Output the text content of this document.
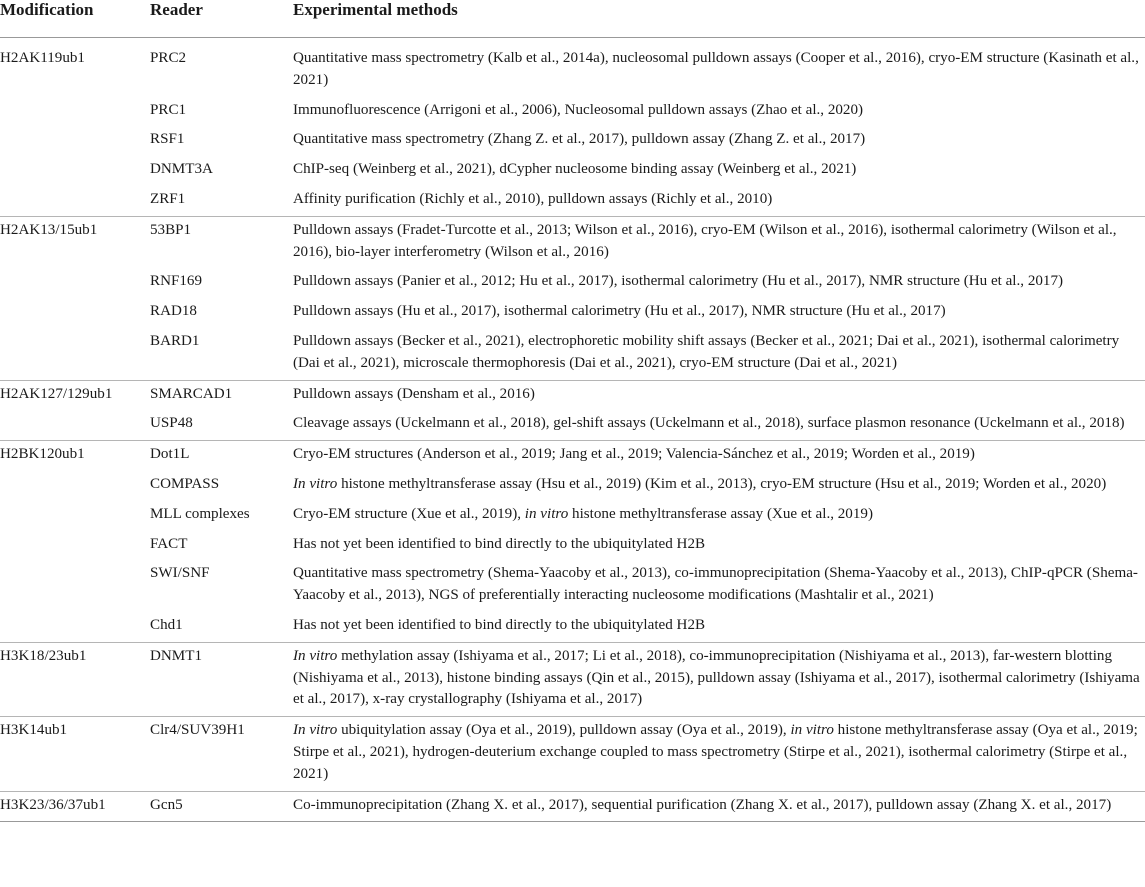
Modification	Reader	Experimental methods
H2AK119ub1	PRC2	Quantitative mass spectrometry (Kalb et al., 2014a), nucleosomal pulldown assays (Cooper et al., 2016), cryo-EM structure (Kasinath et al., 2021)
	PRC1	Immunofluorescence (Arrigoni et al., 2006), Nucleosomal pulldown assays (Zhao et al., 2020)
	RSF1	Quantitative mass spectrometry (Zhang Z. et al., 2017), pulldown assay (Zhang Z. et al., 2017)
	DNMT3A	ChIP-seq (Weinberg et al., 2021), dCypher nucleosome binding assay (Weinberg et al., 2021)
	ZRF1	Affinity purification (Richly et al., 2010), pulldown assays (Richly et al., 2010)
H2AK13/15ub1	53BP1	Pulldown assays (Fradet-Turcotte et al., 2013; Wilson et al., 2016), cryo-EM (Wilson et al., 2016), isothermal calorimetry (Wilson et al., 2016), bio-layer interferometry (Wilson et al., 2016)
	RNF169	Pulldown assays (Panier et al., 2012; Hu et al., 2017), isothermal calorimetry (Hu et al., 2017), NMR structure (Hu et al., 2017)
	RAD18	Pulldown assays (Hu et al., 2017), isothermal calorimetry (Hu et al., 2017), NMR structure (Hu et al., 2017)
	BARD1	Pulldown assays (Becker et al., 2021), electrophoretic mobility shift assays (Becker et al., 2021; Dai et al., 2021), isothermal calorimetry (Dai et al., 2021), microscale thermophoresis (Dai et al., 2021), cryo-EM structure (Dai et al., 2021)
H2AK127/129ub1	SMARCAD1	Pulldown assays (Densham et al., 2016)
	USP48	Cleavage assays (Uckelmann et al., 2018), gel-shift assays (Uckelmann et al., 2018), surface plasmon resonance (Uckelmann et al., 2018)
H2BK120ub1	Dot1L	Cryo-EM structures (Anderson et al., 2019; Jang et al., 2019; Valencia-Sánchez et al., 2019; Worden et al., 2019)
	COMPASS	In vitro histone methyltransferase assay (Hsu et al., 2019) (Kim et al., 2013), cryo-EM structure (Hsu et al., 2019; Worden et al., 2020)
	MLL complexes	Cryo-EM structure (Xue et al., 2019), in vitro histone methyltransferase assay (Xue et al., 2019)
	FACT	Has not yet been identified to bind directly to the ubiquitylated H2B
	SWI/SNF	Quantitative mass spectrometry (Shema-Yaacoby et al., 2013), co-immunoprecipitation (Shema-Yaacoby et al., 2013), ChIP-qPCR (Shema-Yaacoby et al., 2013), NGS of preferentially interacting nucleosome modifications (Mashtalir et al., 2021)
	Chd1	Has not yet been identified to bind directly to the ubiquitylated H2B
H3K18/23ub1	DNMT1	In vitro methylation assay (Ishiyama et al., 2017; Li et al., 2018), co-immunoprecipitation (Nishiyama et al., 2013), far-western blotting (Nishiyama et al., 2013), histone binding assays (Qin et al., 2015), pulldown assay (Ishiyama et al., 2017), isothermal calorimetry (Ishiyama et al., 2017), x-ray crystallography (Ishiyama et al., 2017)
H3K14ub1	Clr4/SUV39H1	In vitro ubiquitylation assay (Oya et al., 2019), pulldown assay (Oya et al., 2019), in vitro histone methyltransferase assay (Oya et al., 2019; Stirpe et al., 2021), hydrogen-deuterium exchange coupled to mass spectrometry (Stirpe et al., 2021), isothermal calorimetry (Stirpe et al., 2021)
H3K23/36/37ub1	Gcn5	Co-immunoprecipitation (Zhang X. et al., 2017), sequential purification (Zhang X. et al., 2017), pulldown assay (Zhang X. et al., 2017)
